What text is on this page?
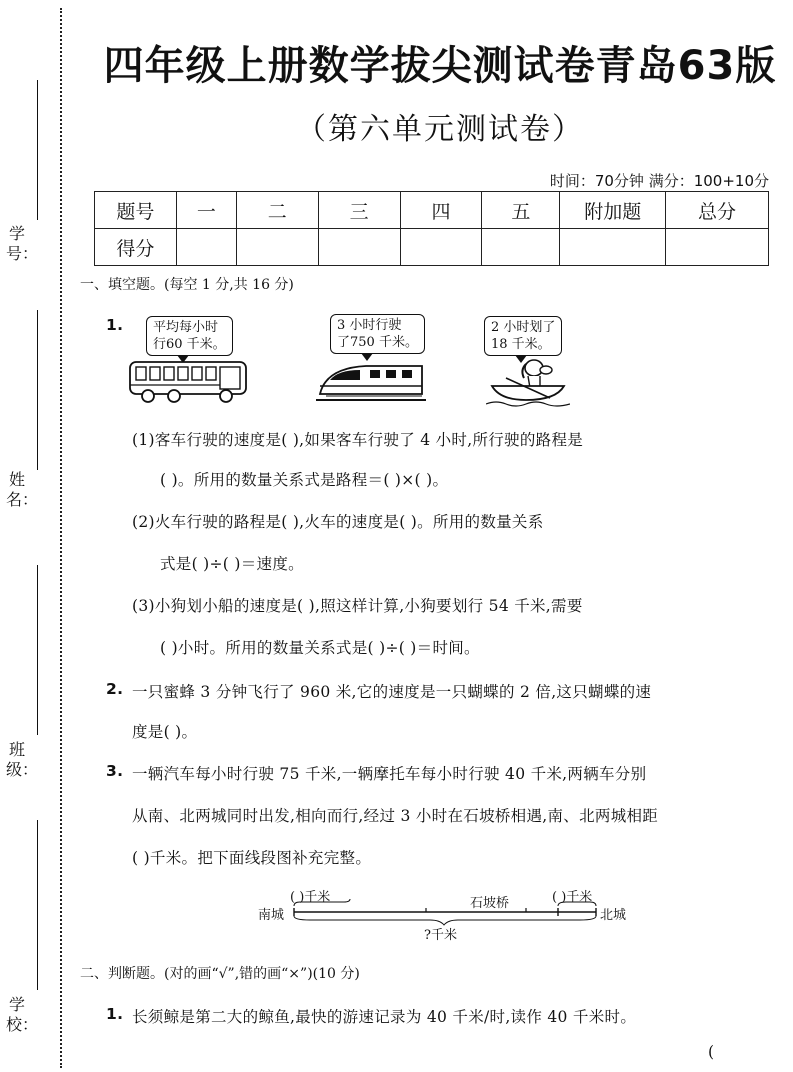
学号：
姓名：
班级：
学校：
四年级上册数学拔尖测试卷青岛63版
（第六单元测试卷）
时间：70分钟 满分：100+10分
题号	一	二	三	四	五	附加题	总分
得分							
一、填空题。(每空 1 分,共 16 分)
1. 平均每小时
行60 千米。
3 小时行驶
了750 千米。
2 小时划了
18 千米。
(1)客车行驶的速度是( ),如果客车行驶了 4 小时,所行驶的路程是
( )。所用的数量关系式是路程＝( )×( )。
(2)火车行驶的路程是( ),火车的速度是( )。所用的数量关系
式是( )÷( )＝速度。
(3)小狗划小船的速度是( ),照这样计算,小狗要划行 54 千米,需要
( )小时。所用的数量关系式是( )÷( )＝时间。
2. 一只蜜蜂 3 分钟飞行了 960 米,它的速度是一只蝴蝶的 2 倍,这只蝴蝶的速
度是( )。
3. 一辆汽车每小时行驶 75 千米,一辆摩托车每小时行驶 40 千米,两辆车分别
从南、北两城同时出发,相向而行,经过 3 小时在石坡桥相遇,南、北两城相距
( )千米。把下面线段图补充完整。
( )千米	( )千米
石坡桥
南城	北城
?千米
二、判断题。(对的画“√”,错的画“×”)(10 分)
1. 长须鲸是第二大的鲸鱼,最快的游速记录为 40 千米/时,读作 40 千米时。
(
